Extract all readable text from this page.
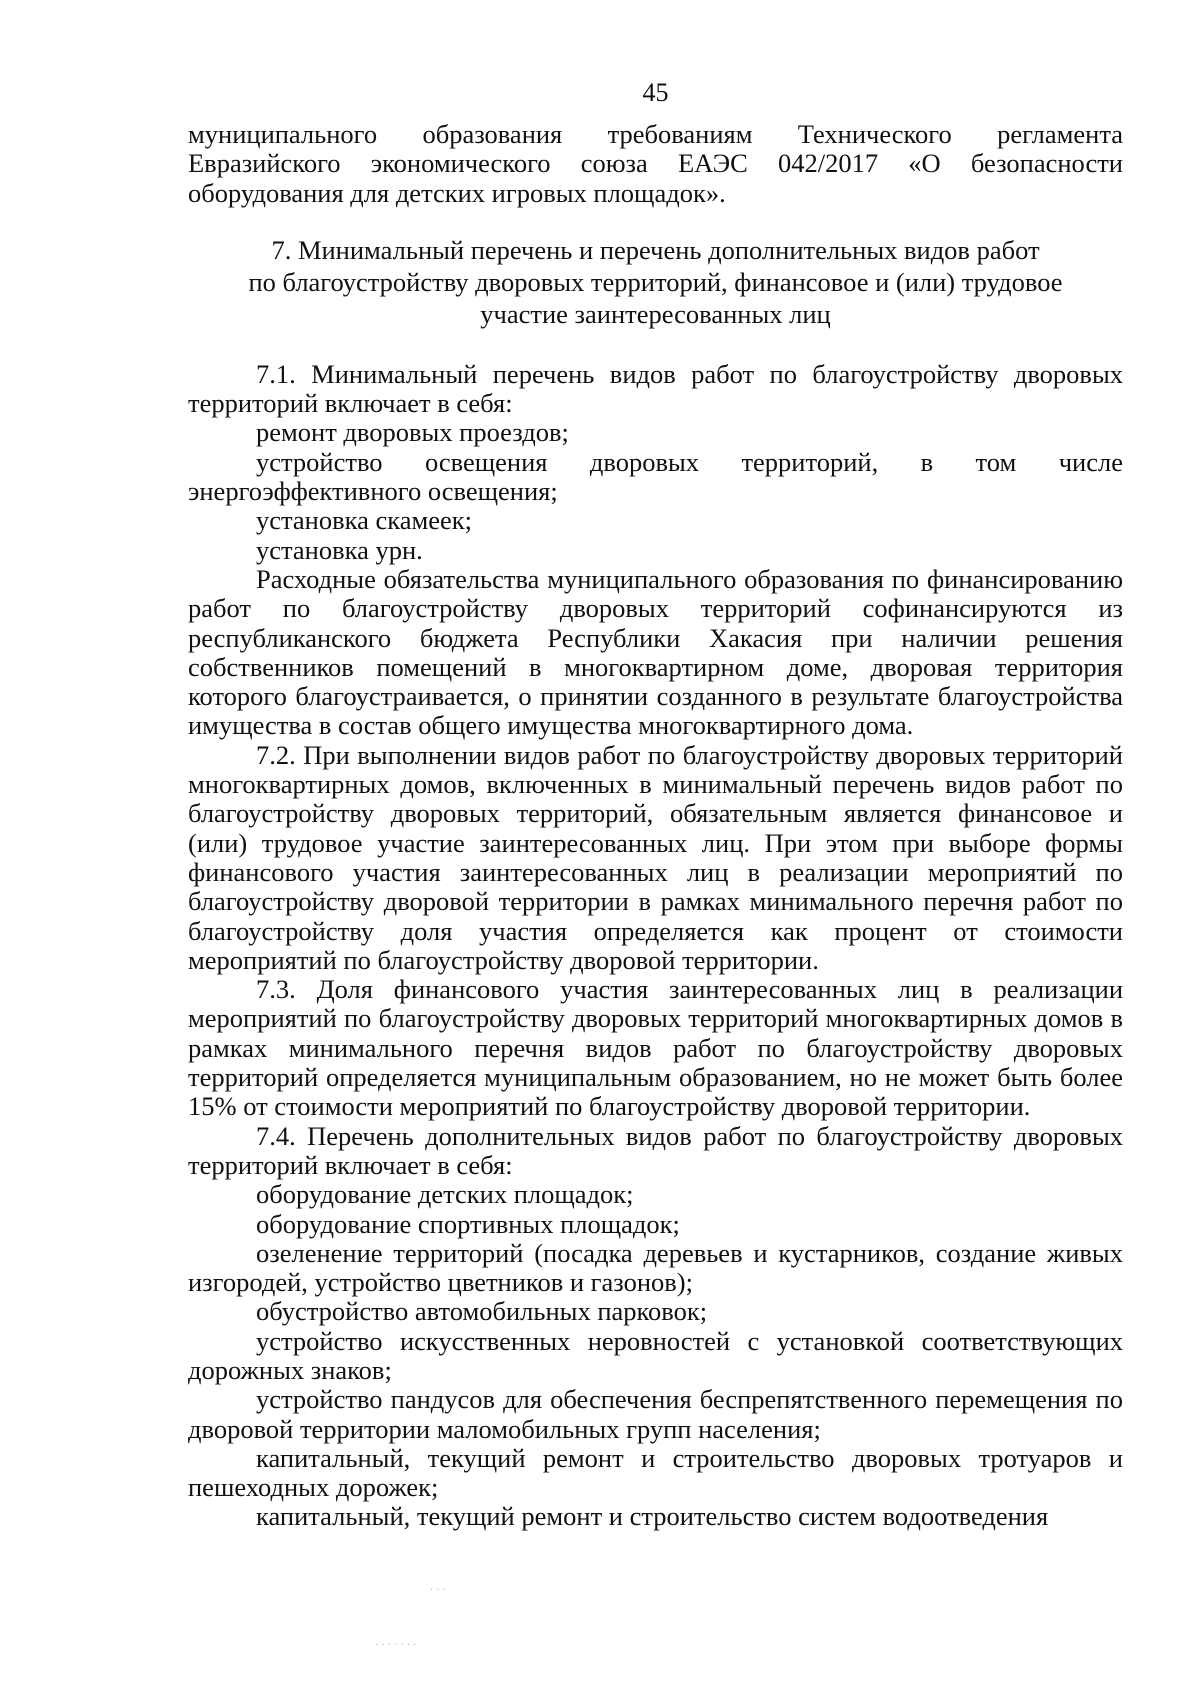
45

муниципального образования требованиям Технического регламента Евразийского экономического союза ЕАЭС 042/2017 «О безопасности оборудования для детских игровых площадок».

7. Минимальный перечень и перечень дополнительных видов работ
по благоустройству дворовых территорий, финансовое и (или) трудовое
участие заинтересованных лиц

7.1. Минимальный перечень видов работ по благоустройству дворовых территорий включает в себя:

ремонт дворовых проездов;

устройство освещения дворовых территорий, в том числе энергоэффективного освещения;

установка скамеек;

установка урн.

Расходные обязательства муниципального образования по финансированию работ по благоустройству дворовых территорий софинансируются из республиканского бюджета Республики Хакасия при наличии решения собственников помещений в многоквартирном доме, дворовая территория которого благоустраивается, о принятии созданного в результате благоустройства имущества в состав общего имущества многоквартирного дома.

7.2. При выполнении видов работ по благоустройству дворовых территорий многоквартирных домов, включенных в минимальный перечень видов работ по благоустройству дворовых территорий, обязательным является финансовое и (или) трудовое участие заинтересованных лиц. При этом при выборе формы финансового участия заинтересованных лиц в реализации мероприятий по благоустройству дворовой территории в рамках минимального перечня работ по благоустройству доля участия определяется как процент от стоимости мероприятий по благоустройству дворовой территории.

7.3. Доля финансового участия заинтересованных лиц в реализации мероприятий по благоустройству дворовых территорий многоквартирных домов в рамках минимального перечня видов работ по благоустройству дворовых территорий определяется муниципальным образованием, но не может быть более 15% от стоимости мероприятий по благоустройству дворовой территории.

7.4. Перечень дополнительных видов работ по благоустройству дворовых территорий включает в себя:

оборудование детских площадок;

оборудование спортивных площадок;

озеленение территорий (посадка деревьев и кустарников, создание живых изгородей, устройство цветников и газонов);

обустройство автомобильных парковок;

устройство искусственных неровностей с установкой соответствующих дорожных знаков;

устройство пандусов для обеспечения беспрепятственного перемещения по дворовой территории маломобильных групп населения;

капитальный, текущий ремонт и строительство дворовых тротуаров и пешеходных дорожек;

капитальный, текущий ремонт и строительство систем водоотведения

· · ·
· · · · · · ·
